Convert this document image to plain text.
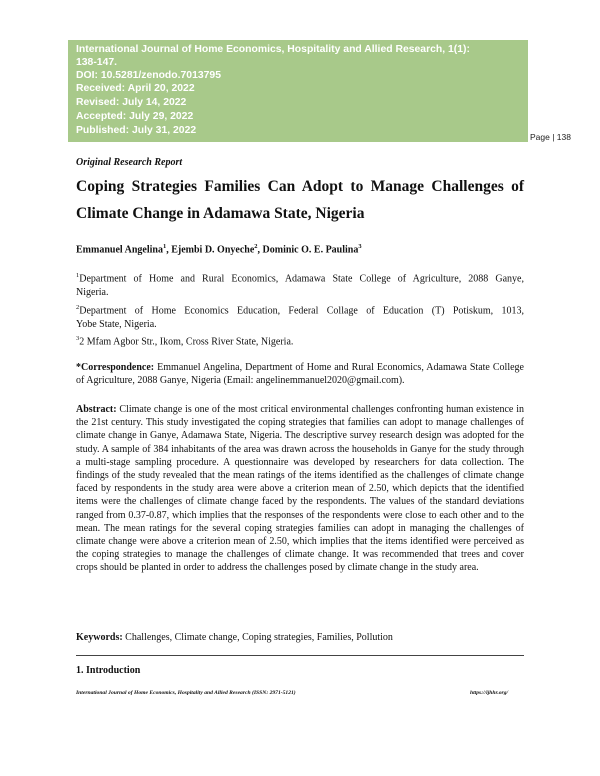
International Journal of Home Economics, Hospitality and Allied Research, 1(1):
138-147.
DOI: 10.5281/zenodo.7013795
Received: April 20, 2022
Revised: July 14, 2022
Accepted: July 29, 2022
Published: July 31, 2022
Page | 138
Original Research Report
Coping Strategies Families Can Adopt to Manage Challenges of
Climate Change in Adamawa State, Nigeria
Emmanuel Angelina$^1$, Ejembi D. Onyeche$^2$, Dominic O. E. Paulina$^3$
$^1$Department of Home and Rural Economics, Adamawa State College of Agriculture, 2088 Ganye,
Nigeria.
$^2$Department of Home Economics Education, Federal Collage of Education (T) Potiskum, 1013,
Yobe State, Nigeria.
$^3$2 Mfam Agbor Str., Ikom, Cross River State, Nigeria.
*Correspondence: Emmanuel Angelina, Department of Home and Rural Economics, Adamawa State College of Agriculture, 2088 Ganye, Nigeria (Email: angelinemmanuel2020@gmail.com).
Abstract: Climate change is one of the most critical environmental challenges confronting human existence in the 21st century. This study investigated the coping strategies that families can adopt to manage challenges of climate change in Ganye, Adamawa State, Nigeria. The descriptive survey research design was adopted for the study. A sample of 384 inhabitants of the area was drawn across the households in Ganye for the study through a multi-stage sampling procedure. A questionnaire was developed by researchers for data collection. The findings of the study revealed that the mean ratings of the items identified as the challenges of climate change faced by respondents in the study area were above a criterion mean of 2.50, which depicts that the identified items were the challenges of climate change faced by the respondents. The values of the standard deviations ranged from 0.37-0.87, which implies that the responses of the respondents were close to each other and to the mean. The mean ratings for the several coping strategies families can adopt in managing the challenges of climate change were above a criterion mean of 2.50, which implies that the items identified were perceived as the coping strategies to manage the challenges of climate change. It was recommended that trees and cover crops should be planted in order to address the challenges posed by climate change in the study area.
Keywords: Challenges, Climate change, Coping strategies, Families, Pollution
1. Introduction
International Journal of Home Economics, Hospitality and Allied Research (ISSN: 2971-5121)	https://ijhhr.org/
